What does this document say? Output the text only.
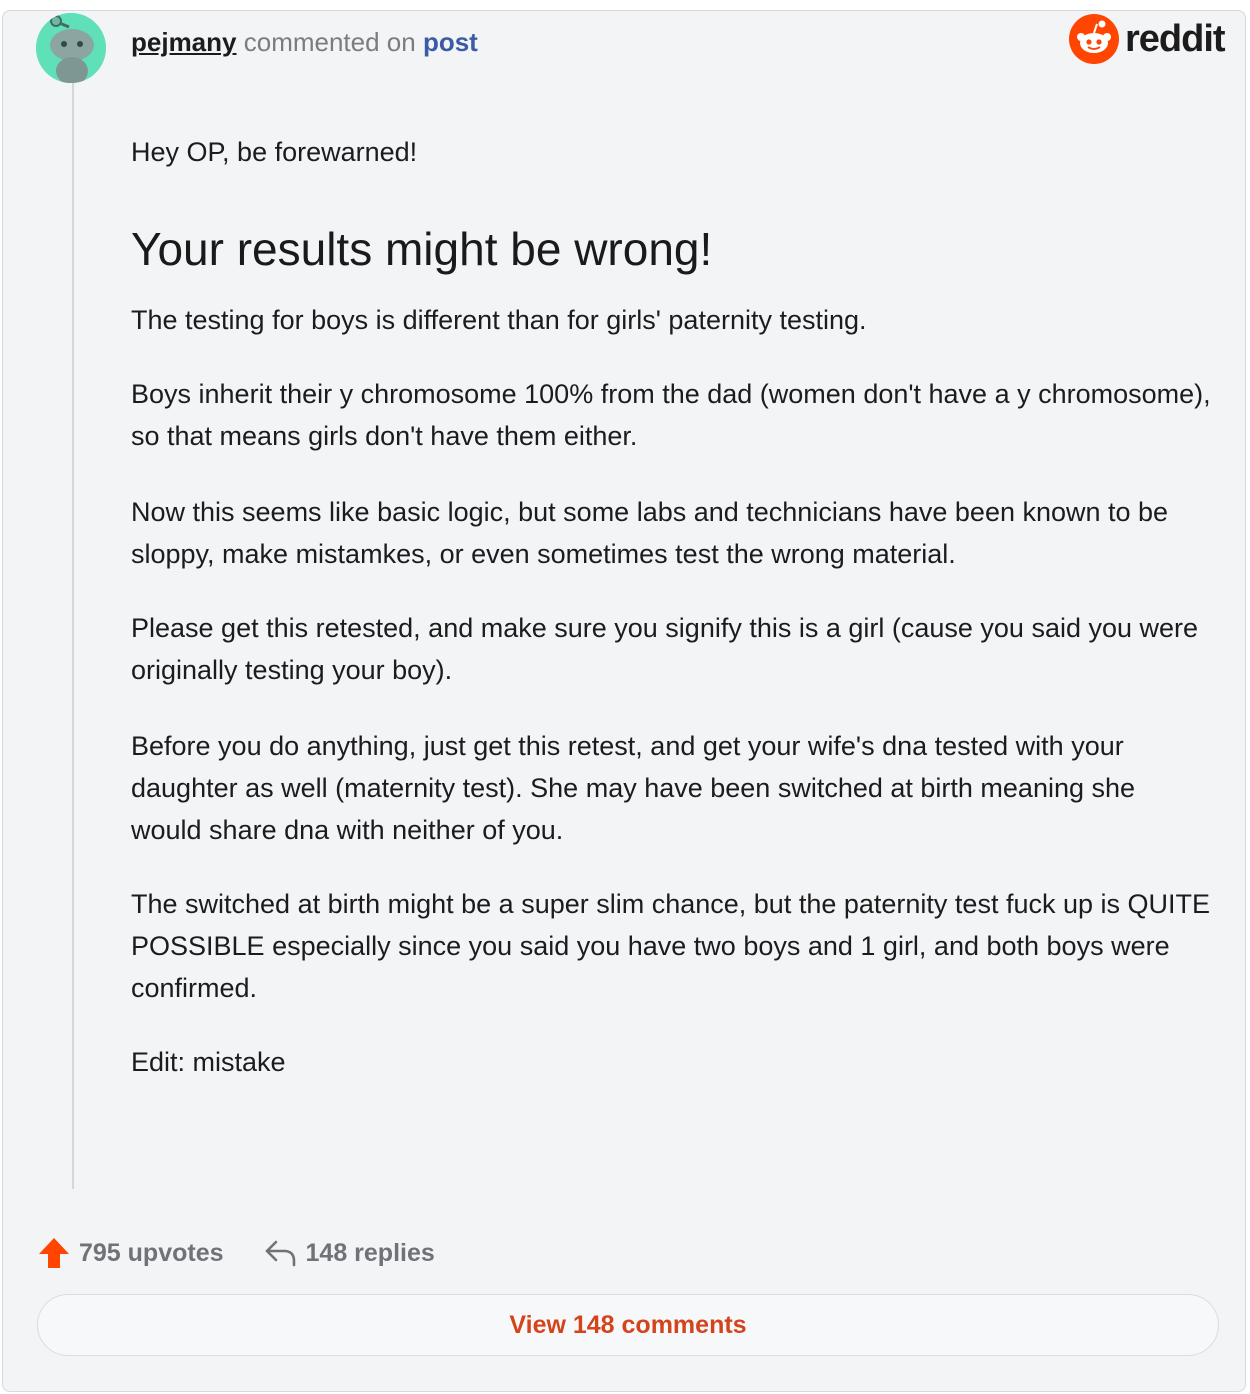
pejmany commented on post	reddit

Hey OP, be forewarned!

Your results might be wrong!

The testing for boys is different than for girls' paternity testing.

Boys inherit their y chromosome 100% from the dad (women don't have a y chromosome), so that means girls don't have them either.

Now this seems like basic logic, but some labs and technicians have been known to be sloppy, make mistamkes, or even sometimes test the wrong material.

Please get this retested, and make sure you signify this is a girl (cause you said you were originally testing your boy).

Before you do anything, just get this retest, and get your wife's dna tested with your daughter as well (maternity test). She may have been switched at birth meaning she would share dna with neither of you.

The switched at birth might be a super slim chance, but the paternity test fuck up is QUITE POSSIBLE especially since you said you have two boys and 1 girl, and both boys were confirmed.

Edit: mistake

795 upvotes	148 replies
View 148 comments
